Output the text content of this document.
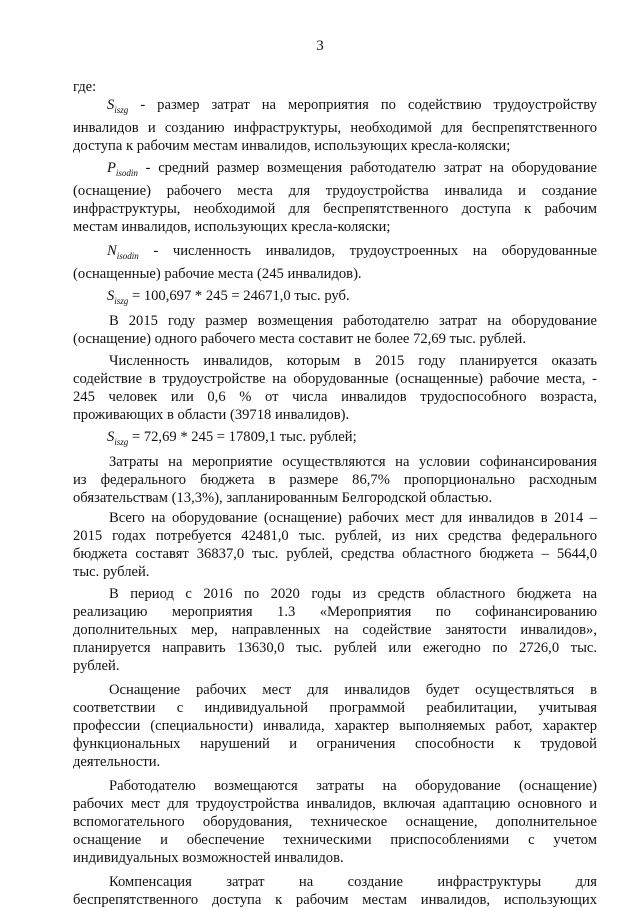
3

где:

$S_{iszg}$ - размер затрат на мероприятия по содействию трудоустройству
инвалидов и созданию инфраструктуры, необходимой для беспрепятственного
доступа к рабочим местам инвалидов, использующих кресла-коляски;

$P_{isodin}$ - средний размер возмещения работодателю затрат на оборудование
(оснащение) рабочего места для трудоустройства инвалида и создание
инфраструктуры, необходимой для беспрепятственного доступа к рабочим
местам инвалидов, использующих кресла-коляски;

$N_{isodin}$ - численность инвалидов, трудоустроенных на оборудованные
(оснащенные) рабочие места (245 инвалидов).

$S_{iszg} = 100,697 * 245 = 24671,0$ тыс. руб.

В 2015 году размер возмещения работодателю затрат на оборудование
(оснащение) одного рабочего места составит не более 72,69 тыс. рублей.

Численность инвалидов, которым в 2015 году планируется оказать
содействие в трудоустройстве на оборудованные (оснащенные) рабочие места, -
245 человек или 0,6 % от числа инвалидов трудоспособного возраста,
проживающих в области (39718 инвалидов).

$S_{iszg} = 72,69 * 245 = 17809,1$ тыс. рублей;

Затраты на мероприятие осуществляются на условии софинансирования
из федерального бюджета в размере 86,7% пропорционально расходным
обязательствам (13,3%), запланированным Белгородской областью.

Всего на оборудование (оснащение) рабочих мест для инвалидов в 2014 –
2015 годах потребуется 42481,0 тыс. рублей, из них средства федерального
бюджета составят 36837,0 тыс. рублей, средства областного бюджета – 5644,0
тыс. рублей.

В период с 2016 по 2020 годы из средств областного бюджета на
реализацию мероприятия 1.3 «Мероприятия по софинансированию
дополнительных мер, направленных на содействие занятости инвалидов»,
планируется направить 13630,0 тыс. рублей или ежегодно по 2726,0 тыс.
рублей.

Оснащение рабочих мест для инвалидов будет осуществляться в
соответствии с индивидуальной программой реабилитации, учитывая
профессии (специальности) инвалида, характер выполняемых работ, характер
функциональных нарушений и ограничения способности к трудовой
деятельности.

Работодателю возмещаются затраты на оборудование (оснащение)
рабочих мест для трудоустройства инвалидов, включая адаптацию основного и
вспомогательного оборудования, техническое оснащение, дополнительное
оснащение и обеспечение техническими приспособлениями с учетом
индивидуальных возможностей инвалидов.

Компенсация затрат на создание инфраструктуры для
беспрепятственного доступа к рабочим местам инвалидов, использующих
